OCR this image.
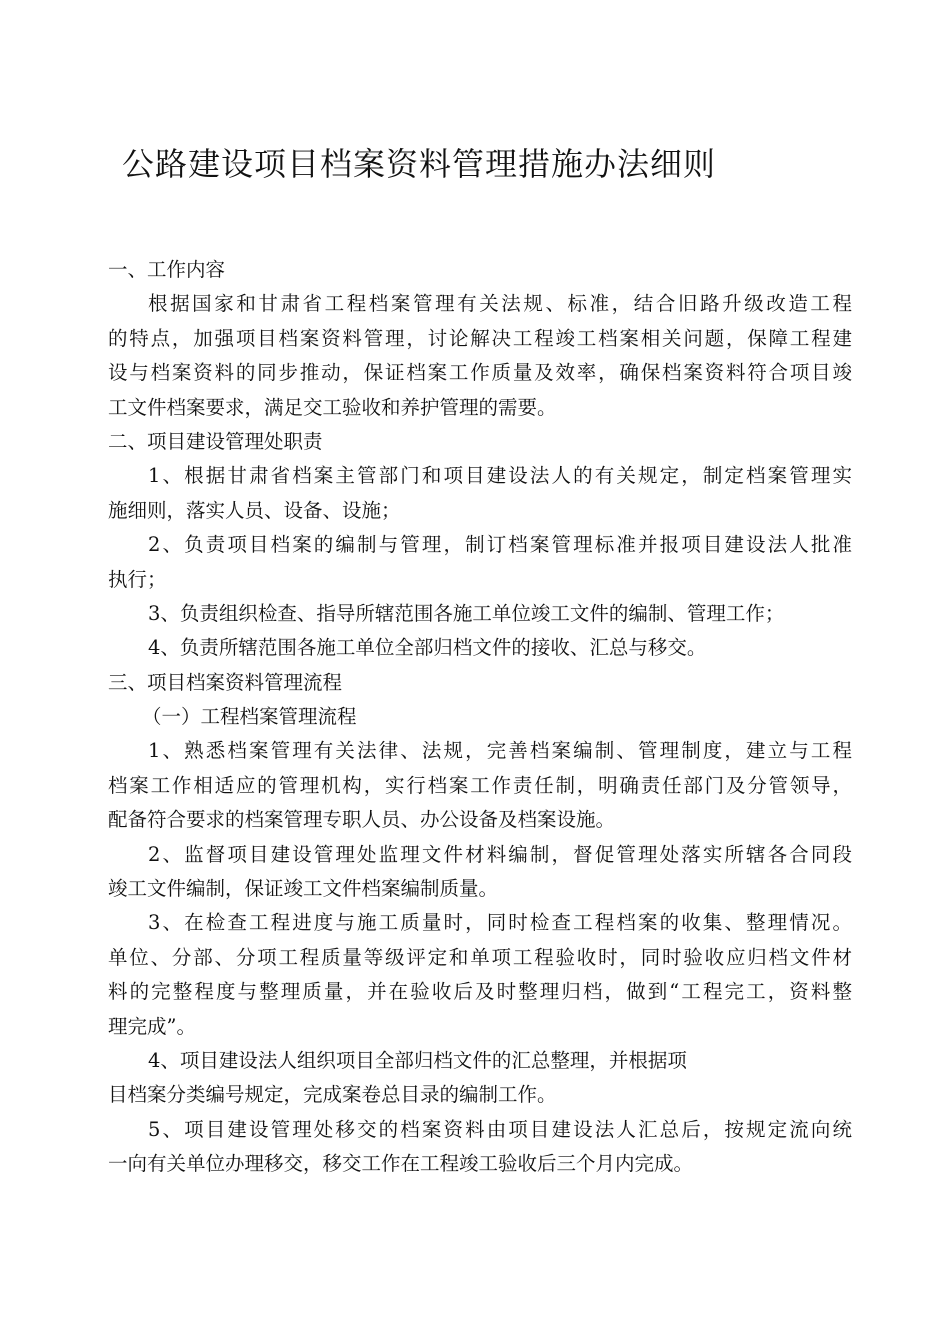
公路建设项目档案资料管理措施办法细则
一、工作内容
根据国家和甘肃省工程档案管理有关法规、标准，结合旧路升级改造工程
的特点，加强项目档案资料管理，讨论解决工程竣工档案相关问题，保障工程建
设与档案资料的同步推动，保证档案工作质量及效率，确保档案资料符合项目竣
工文件档案要求，满足交工验收和养护管理的需要。
二、项目建设管理处职责
1、根据甘肃省档案主管部门和项目建设法人的有关规定，制定档案管理实
施细则，落实人员、设备、设施；
2、负责项目档案的编制与管理，制订档案管理标准并报项目建设法人批准
执行；
3、负责组织检查、指导所辖范围各施工单位竣工文件的编制、管理工作；
4、负责所辖范围各施工单位全部归档文件的接收、汇总与移交。
三、项目档案资料管理流程
（一）工程档案管理流程
1、熟悉档案管理有关法律、法规，完善档案编制、管理制度，建立与工程
档案工作相适应的管理机构，实行档案工作责任制，明确责任部门及分管领导，
配备符合要求的档案管理专职人员、办公设备及档案设施。
2、监督项目建设管理处监理文件材料编制，督促管理处落实所辖各合同段
竣工文件编制，保证竣工文件档案编制质量。
3、在检查工程进度与施工质量时，同时检查工程档案的收集、整理情况。
单位、分部、分项工程质量等级评定和单项工程验收时，同时验收应归档文件材
料的完整程度与整理质量，并在验收后及时整理归档，做到“工程完工，资料整
理完成”。
4、项目建设法人组织项目全部归档文件的汇总整理，并根据项
目档案分类编号规定，完成案卷总目录的编制工作。
5、项目建设管理处移交的档案资料由项目建设法人汇总后，按规定流向统
一向有关单位办理移交，移交工作在工程竣工验收后三个月内完成。
